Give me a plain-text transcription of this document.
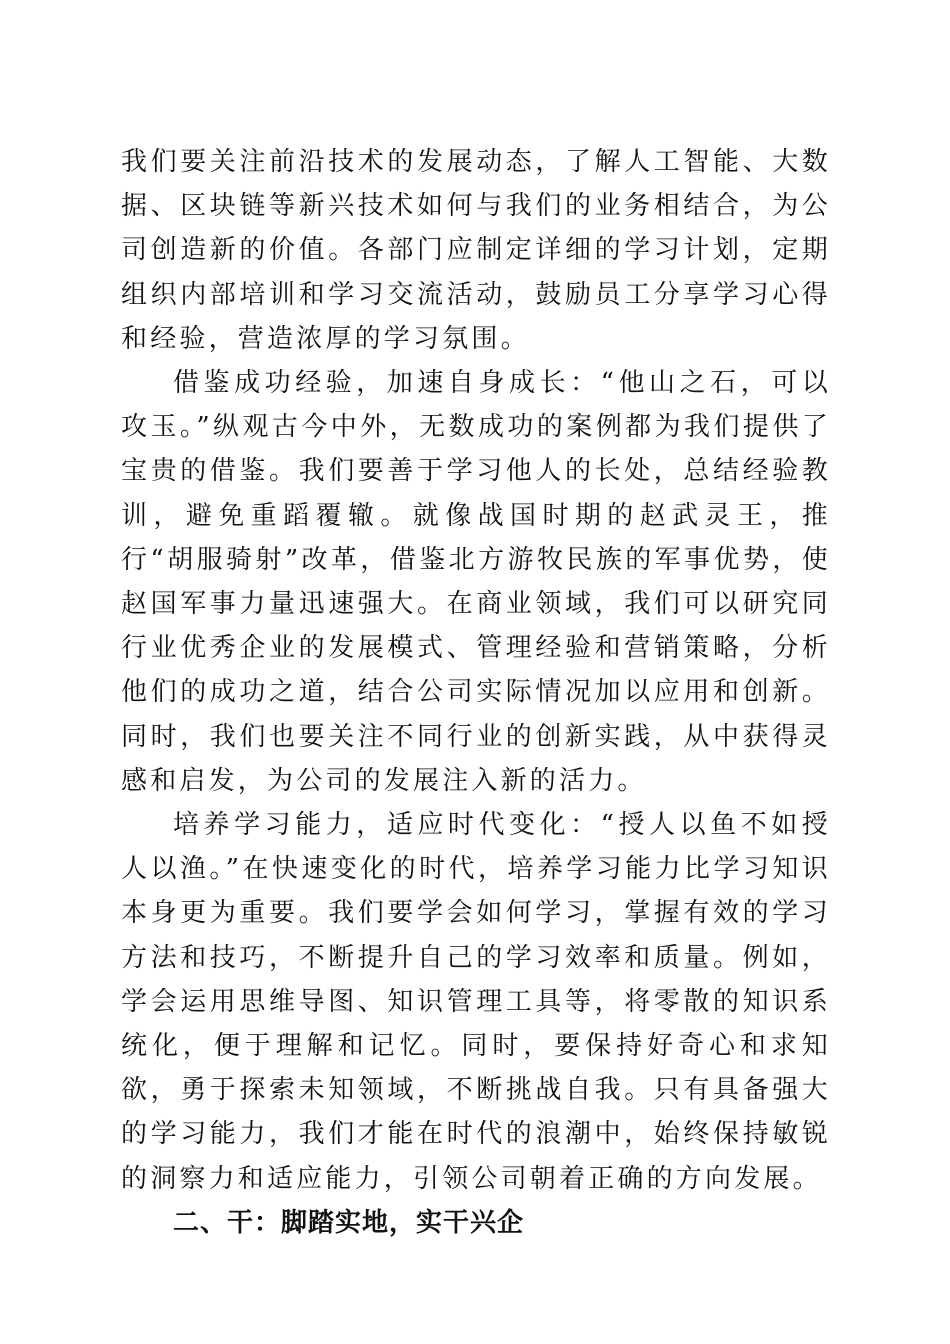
我们要关注前沿技术的发展动态，了解人工智能、大数据、区块链等新兴技术如何与我们的业务相结合，为公司创造新的价值。各部门应制定详细的学习计划，定期组织内部培训和学习交流活动，鼓励员工分享学习心得和经验，营造浓厚的学习氛围。

借鉴成功经验，加速自身成长：“他山之石，可以攻玉。”纵观古今中外，无数成功的案例都为我们提供了宝贵的借鉴。我们要善于学习他人的长处，总结经验教训，避免重蹈覆辙。就像战国时期的赵武灵王，推行“胡服骑射”改革，借鉴北方游牧民族的军事优势，使赵国军事力量迅速强大。在商业领域，我们可以研究同行业优秀企业的发展模式、管理经验和营销策略，分析他们的成功之道，结合公司实际情况加以应用和创新。同时，我们也要关注不同行业的创新实践，从中获得灵感和启发，为公司的发展注入新的活力。

培养学习能力，适应时代变化：“授人以鱼不如授人以渔。”在快速变化的时代，培养学习能力比学习知识本身更为重要。我们要学会如何学习，掌握有效的学习方法和技巧，不断提升自己的学习效率和质量。例如，学会运用思维导图、知识管理工具等，将零散的知识系统化，便于理解和记忆。同时，要保持好奇心和求知欲，勇于探索未知领域，不断挑战自我。只有具备强大的学习能力，我们才能在时代的浪潮中，始终保持敏锐的洞察力和适应能力，引领公司朝着正确的方向发展。

二、干：脚踏实地，实干兴企
